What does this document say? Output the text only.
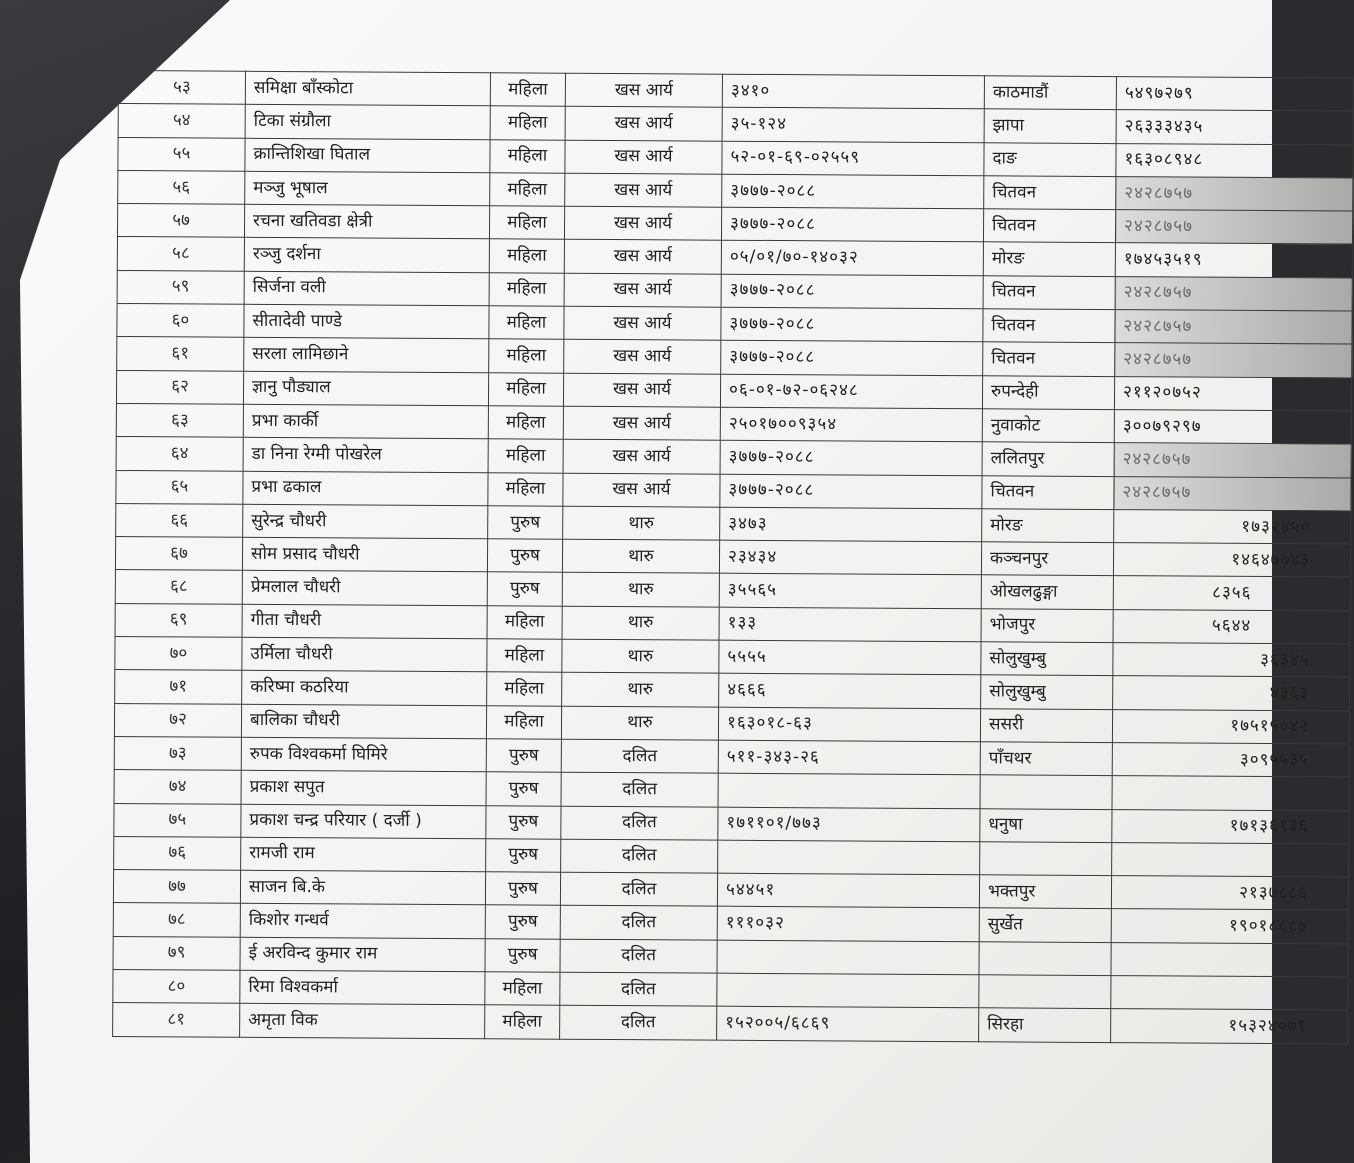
५३	समिक्षा बाँस्कोटा	महिला	खस आर्य	३४१०	काठमाडौं	५४९७२७९
५४	टिका संग्रौला	महिला	खस आर्य	३५-१२४	झापा	२६३३३४३५
५५	क्रान्तिशिखा घिताल	महिला	खस आर्य	५२-०१-६९-०२५५९	दाङ	१६३०८९४८
५६	मञ्जु भूषाल	महिला	खस आर्य	३७७७-२०८८	चितवन	२४२८७५७
५७	रचना खतिवडा क्षेत्री	महिला	खस आर्य	३७७७-२०८८	चितवन	२४२८७५७
५८	रञ्जु दर्शना	महिला	खस आर्य	०५/०१/७०-१४०३२	मोरङ	१७४५३५१९
५९	सिर्जना वली	महिला	खस आर्य	३७७७-२०८८	चितवन	२४२८७५७
६०	सीतादेवी पाण्डे	महिला	खस आर्य	३७७७-२०८८	चितवन	२४२८७५७
६१	सरला लामिछाने	महिला	खस आर्य	३७७७-२०८८	चितवन	२४२८७५७
६२	ज्ञानु पौड्याल	महिला	खस आर्य	०६-०१-७२-०६२४८	रुपन्देही	२११२०७५२
६३	प्रभा कार्की	महिला	खस आर्य	२५०१७००९३५४	नुवाकोट	३००७९२९७
६४	डा निना रेग्मी पोखरेल	महिला	खस आर्य	३७७७-२०८८	ललितपुर	२४२८७५७
६५	प्रभा ढकाल	महिला	खस आर्य	३७७७-२०८८	चितवन	२४२८७५७
६६	सुरेन्द्र चौधरी	पुरुष	थारु	३४७३	मोरङ	१७३२४५०
६७	सोम प्रसाद चौधरी	पुरुष	थारु	२३४३४	कञ्चनपुर	१४६४७७४३
६८	प्रेमलाल चौधरी	पुरुष	थारु	३५५६५	ओखलढुङ्गा	८३५६
६९	गीता चौधरी	महिला	थारु	१३३	भोजपुर	५६४४
७०	उर्मिला चौधरी	महिला	थारु	५५५५	सोलुखुम्बु	३६३४५
७१	करिष्मा कठरिया	महिला	थारु	४६६६	सोलुखुम्बु	४३६३
७२	बालिका चौधरी	महिला	थारु	१६३०१८-६३	ससरी	१७५१५०४२
७३	रुपक विश्वकर्मा घिमिरे	पुरुष	दलित	५११-३४३-२६	पाँचथर	३०९५५३५
७४	प्रकाश सपुत	पुरुष	दलित			
७५	प्रकाश चन्द्र परियार ( दर्जी )	पुरुष	दलित	१७११०१/७७३	धनुषा	१७१३६१३६
७६	रामजी राम	पुरुष	दलित			
७७	साजन बि.के	पुरुष	दलित	५४४५१	भक्तपुर	२१३७८८६
७८	किशोर गन्धर्व	पुरुष	दलित	१११०३२	सुर्खेत	१९०१८८८७
७९	ई अरविन्द कुमार राम	पुरुष	दलित			
८०	रिमा विश्वकर्मा	महिला	दलित			
८१	अमृता विक	महिला	दलित	१५२००५/६८६९	सिरहा	१५३२४०७१
